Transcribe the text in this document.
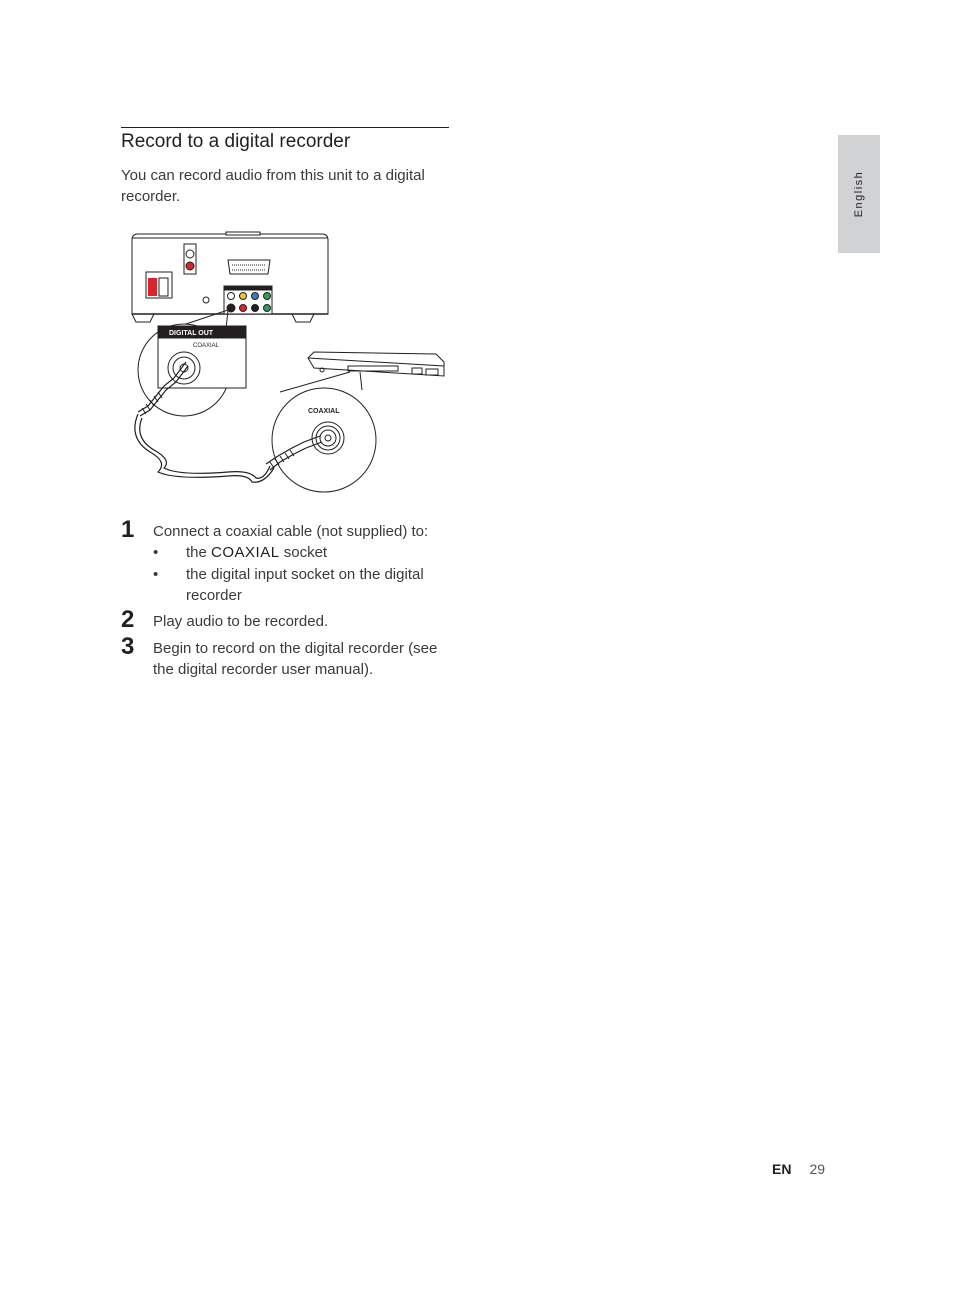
Record to a digital recorder
You can record audio from this unit to a digital recorder.	English
DIGITAL OUT
COAXIAL
COAXIAL
1 Connect a coaxial cable (not supplied) to:
• the COAXIAL socket
• the digital input socket on the digital recorder
2 Play audio to be recorded.
3 Begin to record on the digital recorder (see the digital recorder user manual).
EN 29
